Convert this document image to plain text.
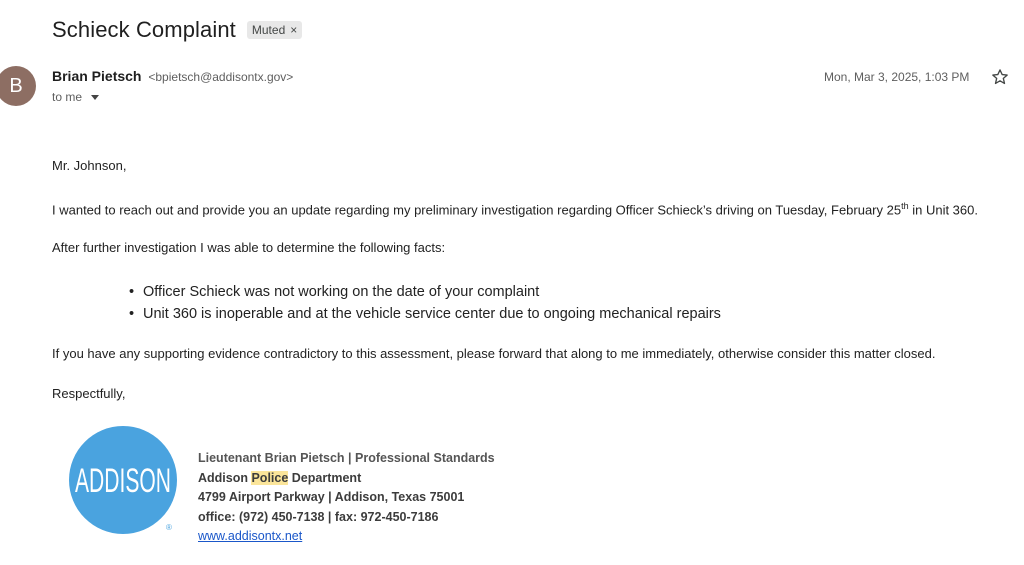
Schieck Complaint Muted ×
B	Brian Pietsch <bpietsch@addisontx.gov>
to me
Mon, Mar 3, 2025, 1:03 PM
Mr. Johnson,
I wanted to reach out and provide you an update regarding my preliminary investigation regarding Officer Schieck’s driving on Tuesday, February 25th in Unit 360.
After further investigation I was able to determine the following facts:
• Officer Schieck was not working on the date of your complaint
• Unit 360 is inoperable and at the vehicle service center due to ongoing mechanical repairs
If you have any supporting evidence contradictory to this assessment, please forward that along to me immediately, otherwise consider this matter closed.
Respectfully,
ADDISON
®
Lieutenant Brian Pietsch | Professional Standards
Addison Police Department
4799 Airport Parkway | Addison, Texas 75001
office: (972) 450-7138 | fax: 972-450-7186
www.addisontx.net
